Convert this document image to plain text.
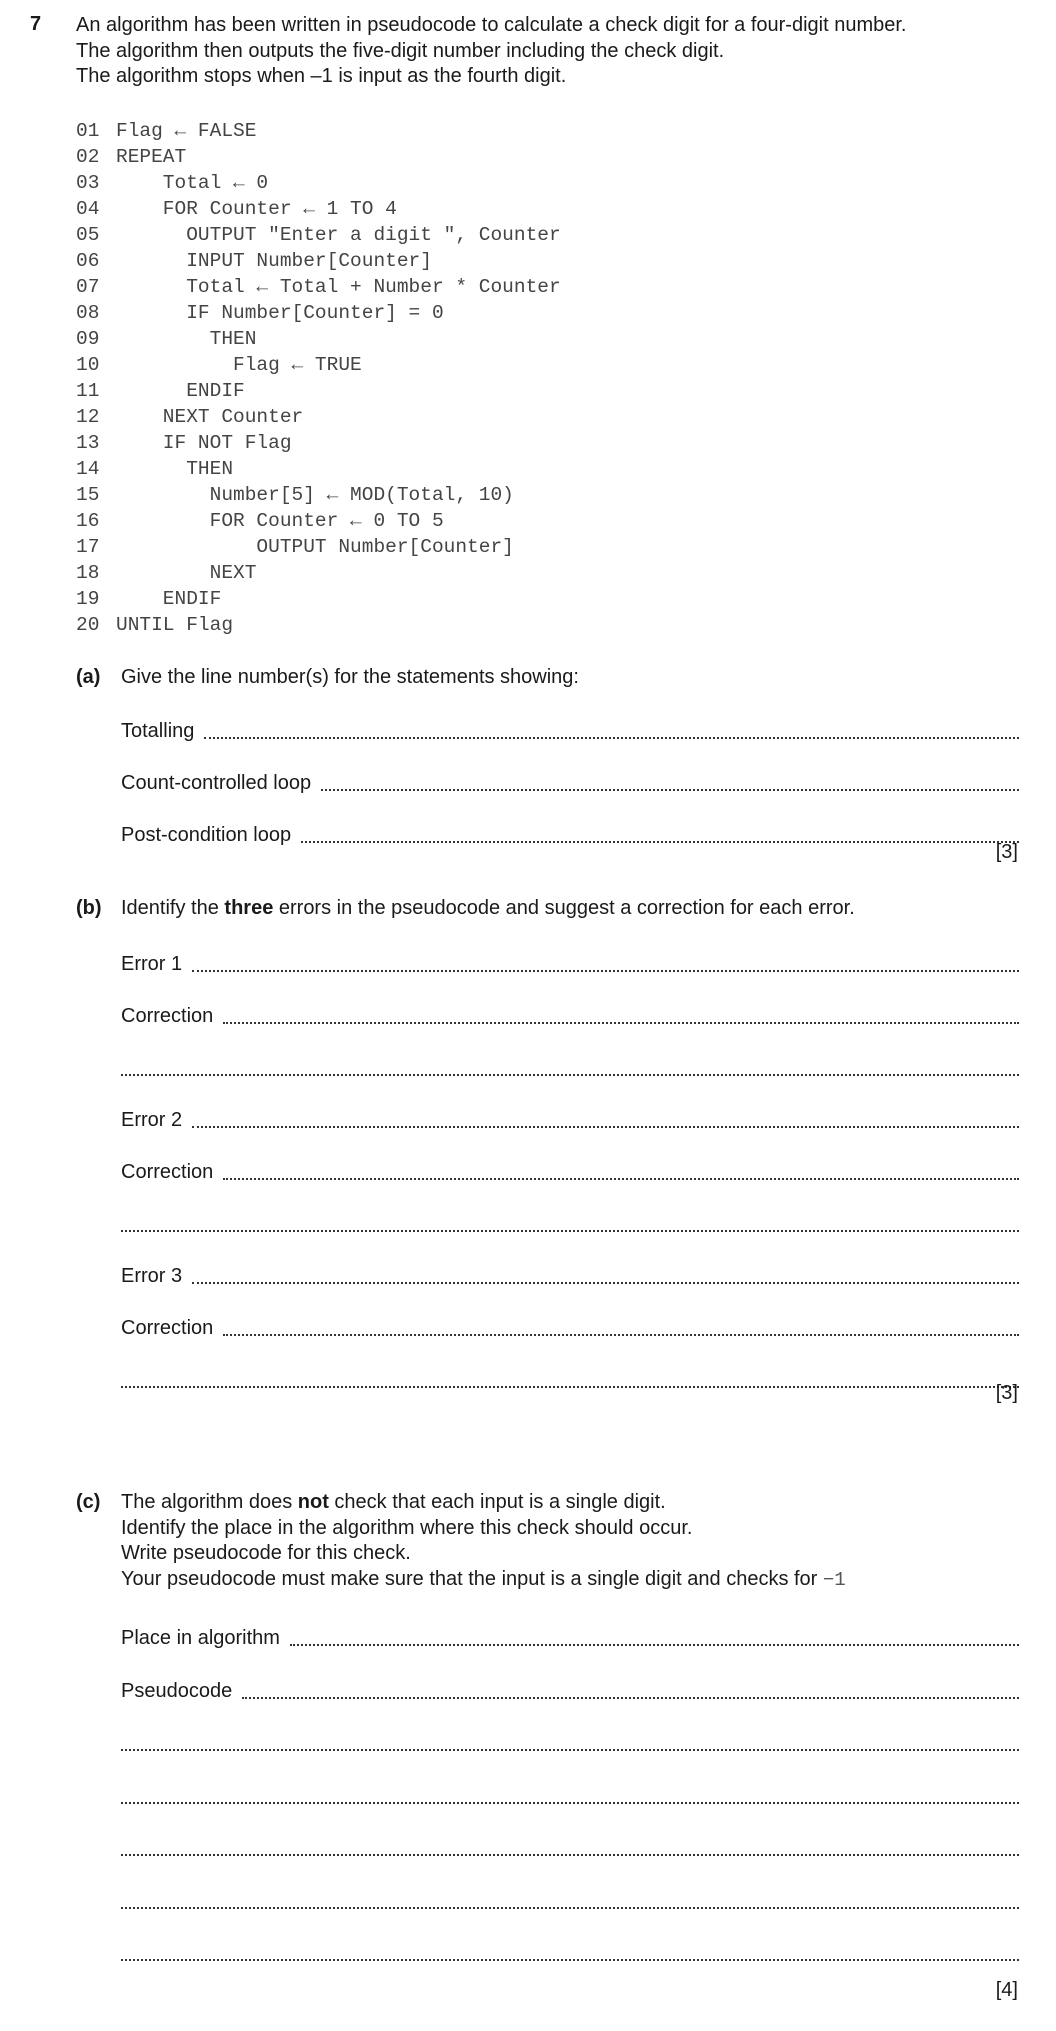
7 An algorithm has been written in pseudocode to calculate a check digit for a four-digit number.
The algorithm then outputs the five-digit number including the check digit.
The algorithm stops when –1 is input as the fourth digit.
01 Flag ← FALSE
02 REPEAT
03    Total ← 0
04    FOR Counter ← 1 TO 4
05      OUTPUT "Enter a digit ", Counter
06      INPUT Number[Counter]
07      Total ← Total + Number * Counter
08      IF Number[Counter] = 0
09        THEN
10          Flag ← TRUE
11      ENDIF
12    NEXT Counter
13    IF NOT Flag
14      THEN
15        Number[5] ← MOD(Total, 10)
16        FOR Counter ← 0 TO 5
17            OUTPUT Number[Counter]
18        NEXT
19    ENDIF
20 UNTIL Flag
(a) Give the line number(s) for the statements showing:
Totalling
Count-controlled loop
Post-condition loop
[3]
(b) Identify the three errors in the pseudocode and suggest a correction for each error.
Error 1
Correction
Error 2
Correction
Error 3
Correction
[3]
(c) The algorithm does not check that each input is a single digit.
Identify the place in the algorithm where this check should occur.
Write pseudocode for this check.
Your pseudocode must make sure that the input is a single digit and checks for −1
Place in algorithm
Pseudocode
[4]
